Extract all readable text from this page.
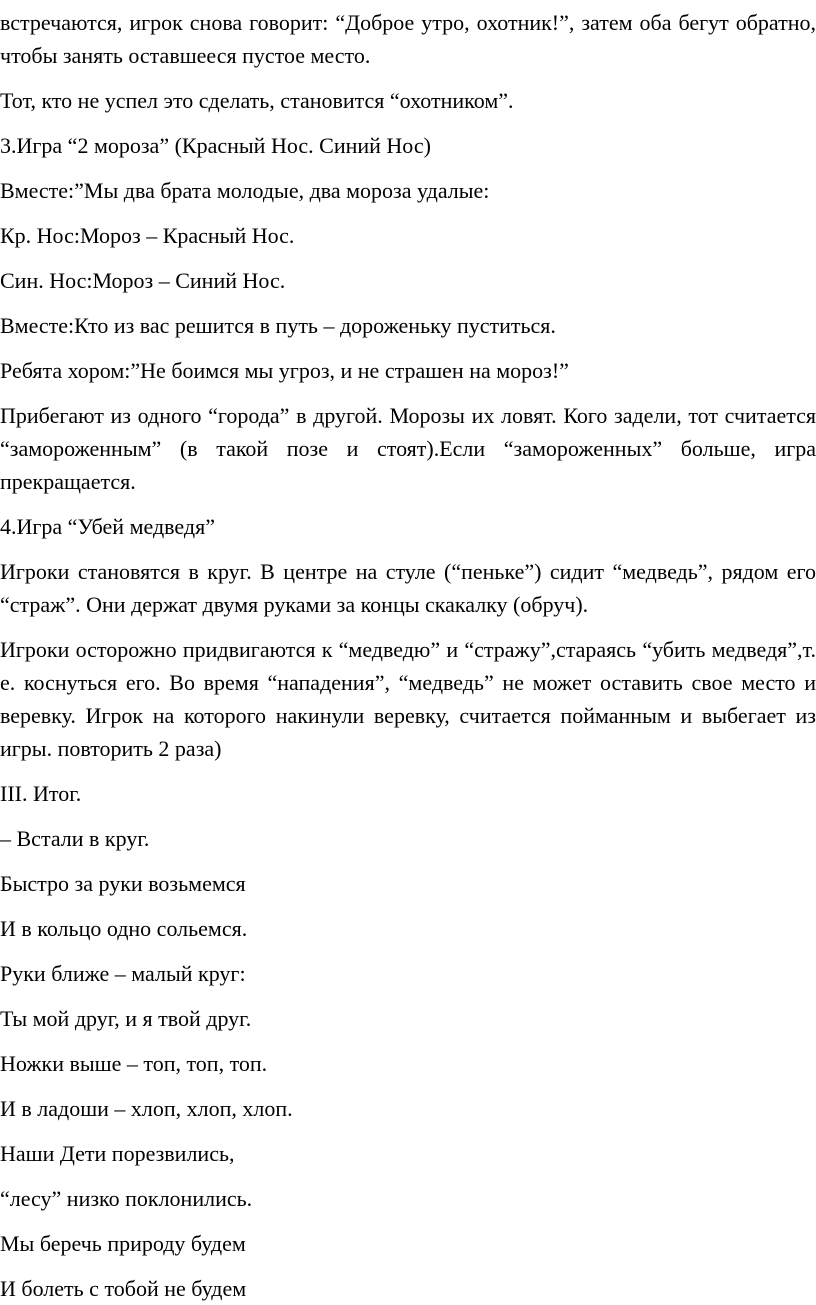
встречаются, игрок снова говорит: “Доброе утро, охотник!”, затем оба бегут обратно, чтобы занять оставшееся пустое место.

Тот, кто не успел это сделать, становится “охотником”.

3.Игра “2 мороза” (Красный Нос. Синий Нос)

Вместе:”Мы два брата молодые, два мороза удалые:

Кр. Нос:Мороз – Красный Нос.

Син. Нос:Мороз – Синий Нос.

Вместе:Кто из вас решится в путь – дороженьку пуститься.

Ребята хором:”Не боимся мы угроз, и не страшен на мороз!”

Прибегают из одного “города” в другой. Морозы их ловят. Кого задели, тот считается “замороженным” (в такой позе и стоят).Если “замороженных” больше, игра прекращается.

4.Игра “Убей медведя”

Игроки становятся в круг. В центре на стуле (“пеньке”) сидит “медведь”, рядом его “страж”. Они держат двумя руками за концы скакалку (обруч).

Игроки осторожно придвигаются к “медведю” и “стражу”,стараясь “убить медведя”,т. е. коснуться его. Во время “нападения”, “медведь” не может оставить свое место и веревку. Игрок на которого накинули веревку, считается пойманным и выбегает из игры. повторить 2 раза)

III. Итог.

– Встали в круг.

Быстро за руки возьмемся

И в кольцо одно сольемся.

Руки ближе – малый круг:

Ты мой друг, и я твой друг.

Ножки выше – топ, топ, топ.

И в ладоши – хлоп, хлоп, хлоп.

Наши Дети порезвились,

“лесу” низко поклонились.

Мы беречь природу будем

И болеть с тобой не будем
